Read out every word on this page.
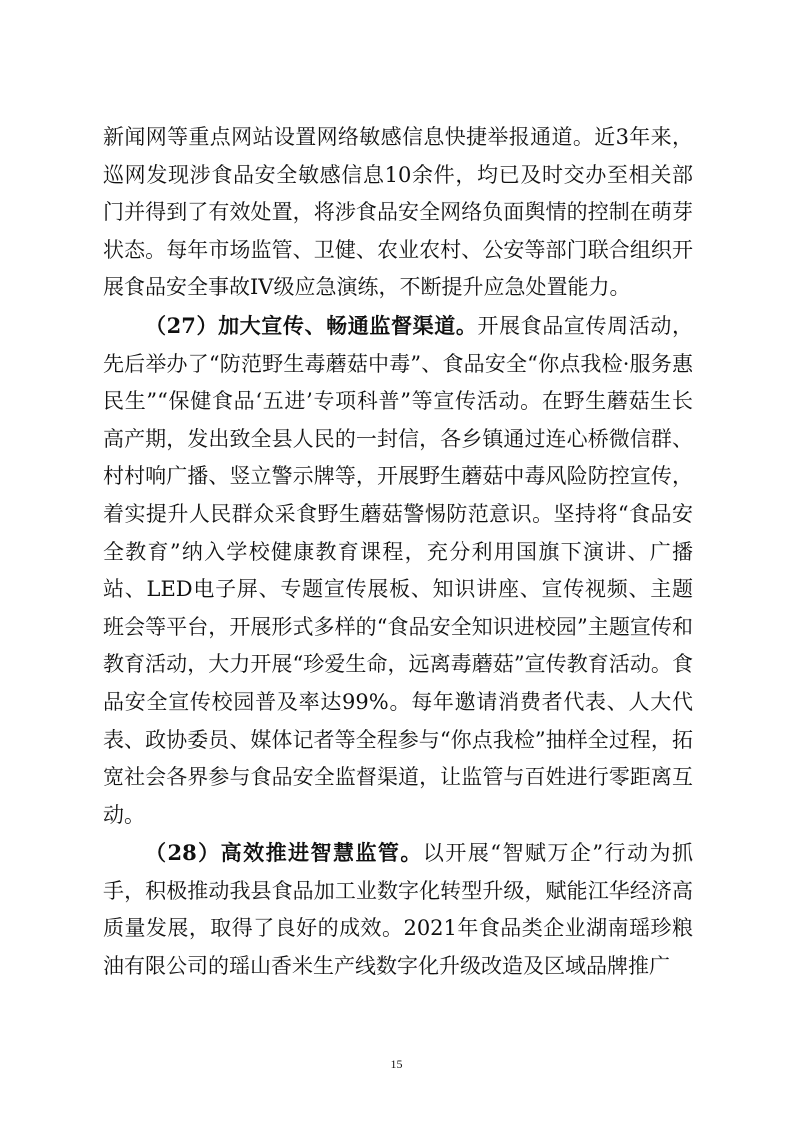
新闻网等重点网站设置网络敏感信息快捷举报通道。近3年来，巡网发现涉食品安全敏感信息10余件，均已及时交办至相关部门并得到了有效处置，将涉食品安全网络负面舆情的控制在萌芽状态。每年市场监管、卫健、农业农村、公安等部门联合组织开展食品安全事故IV级应急演练，不断提升应急处置能力。

（27）加大宣传、畅通监督渠道。开展食品宣传周活动，先后举办了“防范野生毒蘑菇中毒”、食品安全“你点我检·服务惠民生”“保健食品‘五进’专项科普”等宣传活动。在野生蘑菇生长高产期，发出致全县人民的一封信，各乡镇通过连心桥微信群、村村响广播、竖立警示牌等，开展野生蘑菇中毒风险防控宣传，着实提升人民群众采食野生蘑菇警惕防范意识。坚持将“食品安全教育”纳入学校健康教育课程，充分利用国旗下演讲、广播站、LED电子屏、专题宣传展板、知识讲座、宣传视频、主题班会等平台，开展形式多样的“食品安全知识进校园”主题宣传和教育活动，大力开展“珍爱生命，远离毒蘑菇”宣传教育活动。食品安全宣传校园普及率达99%。每年邀请消费者代表、人大代表、政协委员、媒体记者等全程参与“你点我检”抽样全过程，拓宽社会各界参与食品安全监督渠道，让监管与百姓进行零距离互动。

（28）高效推进智慧监管。以开展“智赋万企”行动为抓手，积极推动我县食品加工业数字化转型升级，赋能江华经济高质量发展，取得了良好的成效。2021年食品类企业湖南瑶珍粮油有限公司的瑶山香米生产线数字化升级改造及区域品牌推广

15
